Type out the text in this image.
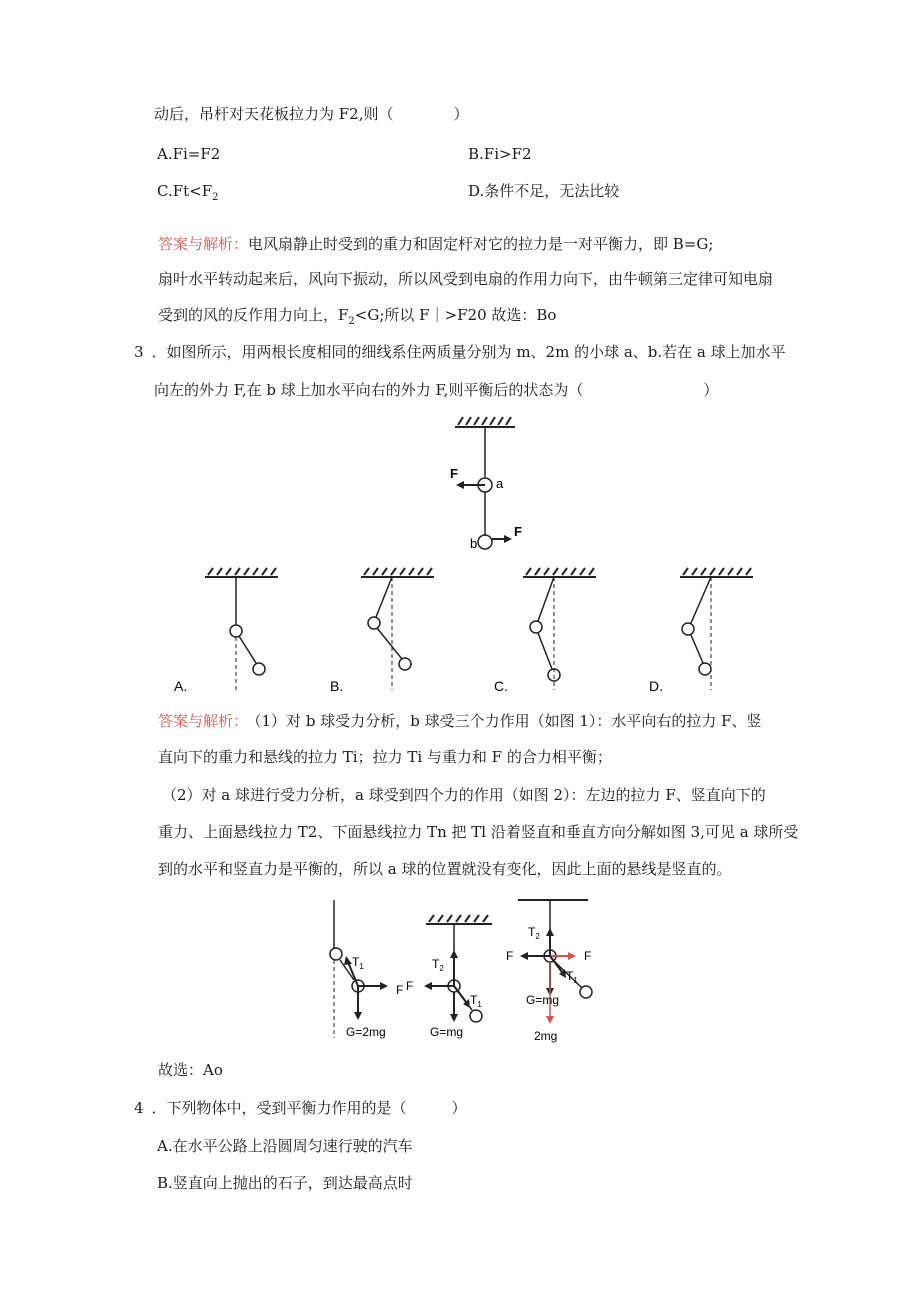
动后，吊杆对天花板拉力为 F2,则（　　　　）
A.Fi=F2	B.Fi>F2
$C.Ft<F_2$	D.条件不足，无法比较
答案与解析：电风扇静止时受到的重力和固定杆对它的拉力是一对平衡力，即 B=G;
扇叶水平转动起来后，风向下振动，所以风受到电扇的作用力向下，由牛顿第三定律可知电扇
受到的风的反作用力向上，$F_2<G$;所以 F｜>F20 故选：Bo
3 ．如图所示，用两根长度相同的细线系住两质量分别为 m、2m 的小球 a、b.若在 a 球上加水平
向左的外力 F,在 b 球上加水平向右的外力 F,则平衡后的状态为（　　　　　　　　）
F
a
b
F
A.	B.	C.	D.
答案与解析： （1）对 b 球受力分析，b 球受三个力作用（如图 1）：水平向右的拉力 F、竖
直向下的重力和悬线的拉力 Ti；拉力 Ti 与重力和 F 的合力相平衡；
（2）对 a 球进行受力分析，a 球受到四个力的作用（如图 2）：左边的拉力 F、竖直向下的
重力、上面悬线拉力 T2、下面悬线拉力 Tn 把 Tl 沿着竖直和垂直方向分解如图 3,可见 a 球所受
到的水平和竖直力是平衡的，所以 a 球的位置就没有变化，因此上面的悬线是竖直的。
$T_1$
F
G=2mg
F
$T_2$
$T_1$
G=mg
$T_2$
F	F
$T_1$
G=mg
2mg
故选：Ao
4 ．下列物体中，受到平衡力作用的是（　　　）
A.在水平公路上沿圆周匀速行驶的汽车
B.竖直向上抛出的石子，到达最高点时
